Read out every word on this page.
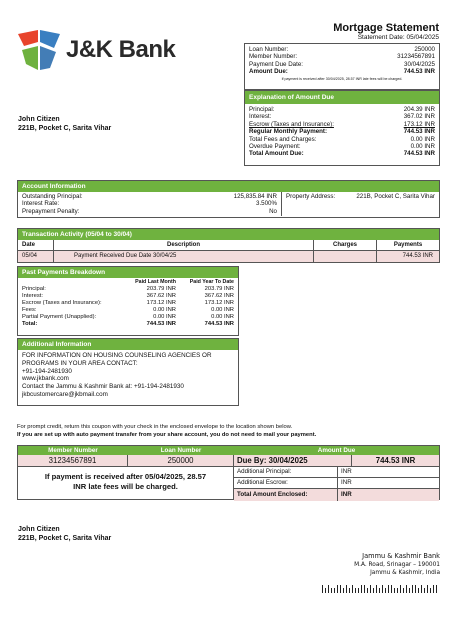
J&K Bank
Mortgage Statement
Statement Date: 05/04/2025
Loan Number:	250000
Member Number:	31234567891
Payment Due Date:	30/04/2025
Amount Due:	744.53 INR
If payment is received after 30/04/2025, 28.57 INR late fees will be charged.
Explanation of Amount Due
Principal:	204.39 INR
Interest:	367.02 INR
Escrow (Taxes and Insurance):	173.12 INR
Regular Monthly Payment:	744.53 INR
Total Fees and Charges:	0.00 INR
Overdue Payment:	0.00 INR
Total Amount Due:	744.53 INR
John Citizen
221B, Pocket C, Sarita Vihar
Account Information
Outstanding Principal:	125,835.84 INR
Interest Rate:	3.500%
Prepayment Penalty:	No
Property Address:	221B, Pocket C, Sarita Vihar
Transaction Activity (05/04 to 30/04)
Date	Description	Charges	Payments
05/04	Payment Received Due Date 30/04/25		744.53 INR
Past Payments Breakdown
Paid Last Month	Paid Year To Date
Principal:	203.79 INR	203.79 INR
Interest:	367.62 INR	367.62 INR
Escrow (Taxes and Insurance):	173.12 INR	173.12 INR
Fees:	0.00 INR	0.00 INR
Partial Payment (Unapplied):	0.00 INR	0.00 INR
Total:	744.53 INR	744.53 INR
Additional Information
FOR INFORMATION ON HOUSING COUNSELING AGENCIES OR PROGRAMS IN YOUR AREA CONTACT:
+91-194-2481930
www.jkbank.com
Contact the Jammu & Kashmir Bank at: +91-194-2481930
jkbcustomercare@jkbmail.com
For prompt credit, return this coupon with your check in the enclosed envelope to the location shown below.
If you are set up with auto payment transfer from your share account, you do not need to mail your payment.
Member Number	Loan Number	Amount Due
31234567891	250000	Due By: 30/04/2025	744.53 INR
If payment is received after 05/04/2025, 28.57 INR late fees will be charged.
Additional Principal:	INR
Additional Escrow:	INR
Total Amount Enclosed:	INR
John Citizen
221B, Pocket C, Sarita Vihar
Jammu & Kashmir Bank
M.A. Road, Srinagar – 190001
Jammu & Kashmir, India
